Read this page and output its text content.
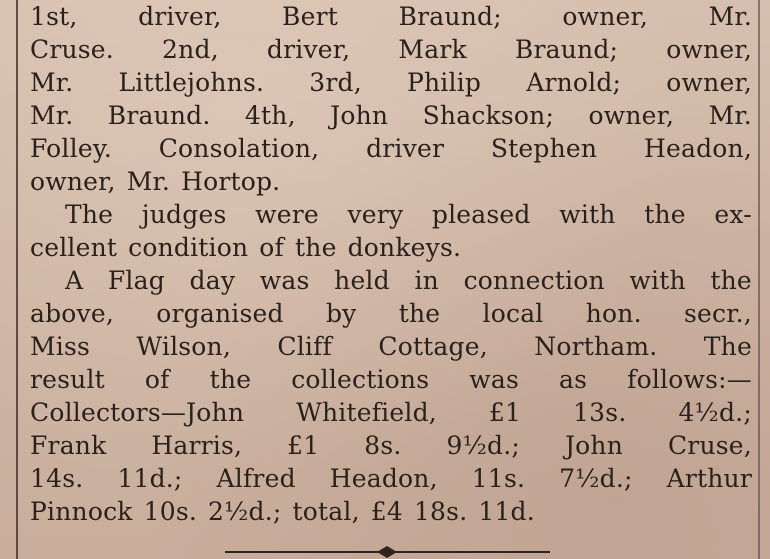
1st, driver, Bert Braund; owner, Mr.
Cruse. 2nd, driver, Mark Braund; owner,
Mr. Littlejohns. 3rd, Philip Arnold; owner,
Mr. Braund. 4th, John Shackson; owner, Mr.
Folley. Consolation, driver Stephen Headon,
owner, Mr. Hortop.
The judges were very pleased with the ex-
cellent condition of the donkeys.
A Flag day was held in connection with the
above, organised by the local hon. secr.,
Miss Wilson, Cliff Cottage, Northam. The
result of the collections was as follows:—
Collectors—John Whitefield, £1 13s. 4½d.;
Frank Harris, £1 8s. 9½d.; John Cruse,
14s. 11d.; Alfred Headon, 11s. 7½d.; Arthur
Pinnock 10s. 2½d.; total, £4 18s. 11d.
